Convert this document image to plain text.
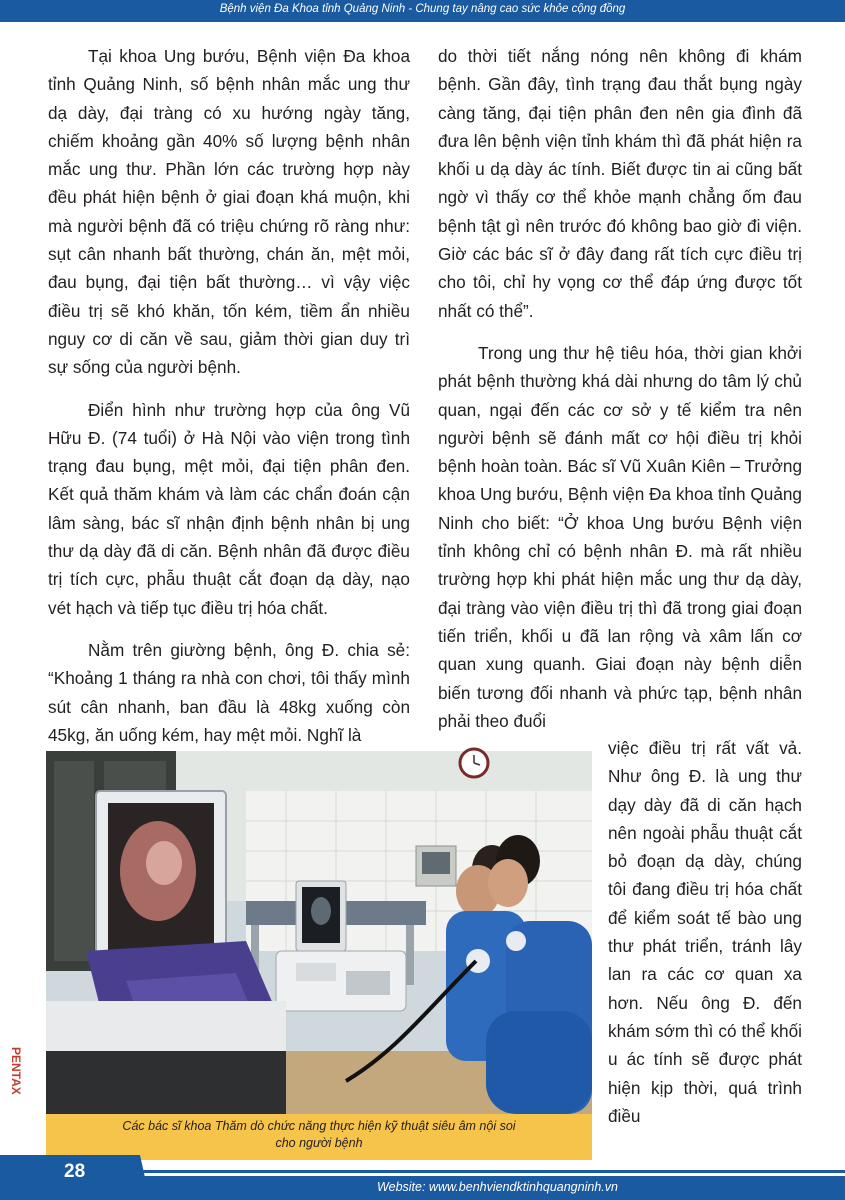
Bệnh viện Đa Khoa tỉnh Quảng Ninh - Chung tay nâng cao sức khỏe cộng đồng

Tại khoa Ung bướu, Bệnh viện Đa khoa tỉnh Quảng Ninh, số bệnh nhân mắc ung thư dạ dày, đại tràng có xu hướng ngày tăng, chiếm khoảng gần 40% số lượng bệnh nhân mắc ung thư. Phần lớn các trường hợp này đều phát hiện bệnh ở giai đoạn khá muộn, khi mà người bệnh đã có triệu chứng rõ ràng như: sụt cân nhanh bất thường, chán ăn, mệt mỏi, đau bụng, đại tiện bất thường… vì vậy việc điều trị sẽ khó khăn, tốn kém, tiềm ẩn nhiều nguy cơ di căn về sau, giảm thời gian duy trì sự sống của người bệnh.

Điển hình như trường hợp của ông Vũ Hữu Đ. (74 tuổi) ở Hà Nội vào viện trong tình trạng đau bụng, mệt mỏi, đại tiện phân đen. Kết quả thăm khám và làm các chẩn đoán cận lâm sàng, bác sĩ nhận định bệnh nhân bị ung thư dạ dày đã di căn. Bệnh nhân đã được điều trị tích cực, phẫu thuật cắt đoạn dạ dày, nạo vét hạch và tiếp tục điều trị hóa chất.

Nằm trên giường bệnh, ông Đ. chia sẻ: “Khoảng 1 tháng ra nhà con chơi, tôi thấy mình sút cân nhanh, ban đầu là 48kg xuống còn 45kg, ăn uống kém, hay mệt mỏi. Nghĩ là

do thời tiết nắng nóng nên không đi khám bệnh. Gần đây, tình trạng đau thắt bụng ngày càng tăng, đại tiện phân đen nên gia đình đã đưa lên bệnh viện tỉnh khám thì đã phát hiện ra khối u dạ dày ác tính. Biết được tin ai cũng bất ngờ vì thấy cơ thể khỏe mạnh chẳng ốm đau bệnh tật gì nên trước đó không bao giờ đi viện. Giờ các bác sĩ ở đây đang rất tích cực điều trị cho tôi, chỉ hy vọng cơ thể đáp ứng được tốt nhất có thể”.

Trong ung thư hệ tiêu hóa, thời gian khởi phát bệnh thường khá dài nhưng do tâm lý chủ quan, ngại đến các cơ sở y tế kiểm tra nên người bệnh sẽ đánh mất cơ hội điều trị khỏi bệnh hoàn toàn. Bác sĩ Vũ Xuân Kiên – Trưởng khoa Ung bướu, Bệnh viện Đa khoa tỉnh Quảng Ninh cho biết: “Ở khoa Ung bướu Bệnh viện tỉnh không chỉ có bệnh nhân Đ. mà rất nhiều trường hợp khi phát hiện mắc ung thư dạ dày, đại tràng vào viện điều trị thì đã trong giai đoạn tiến triển, khối u đã lan rộng và xâm lấn cơ quan xung quanh. Giai đoạn này bệnh diễn biến tương đối nhanh và phức tạp, bệnh nhân phải theo đuổi

việc điều trị rất vất vả. Như ông Đ. là ung thư dạy dày đã di căn hạch nên ngoài phẫu thuật cắt bỏ đoạn dạ dày, chúng tôi đang điều trị hóa chất để kiểm soát tế bào ung thư phát triển, tránh lây lan ra các cơ quan xa hơn. Nếu ông Đ. đến khám sớm thì có thể khối u ác tính sẽ được phát hiện kịp thời, quá trình điều

PENTAX
Các bác sĩ khoa Thăm dò chức năng thực hiện kỹ thuật siêu âm nội soi
cho người bệnh
28
Website: www.benhviendktinhquangninh.vn
